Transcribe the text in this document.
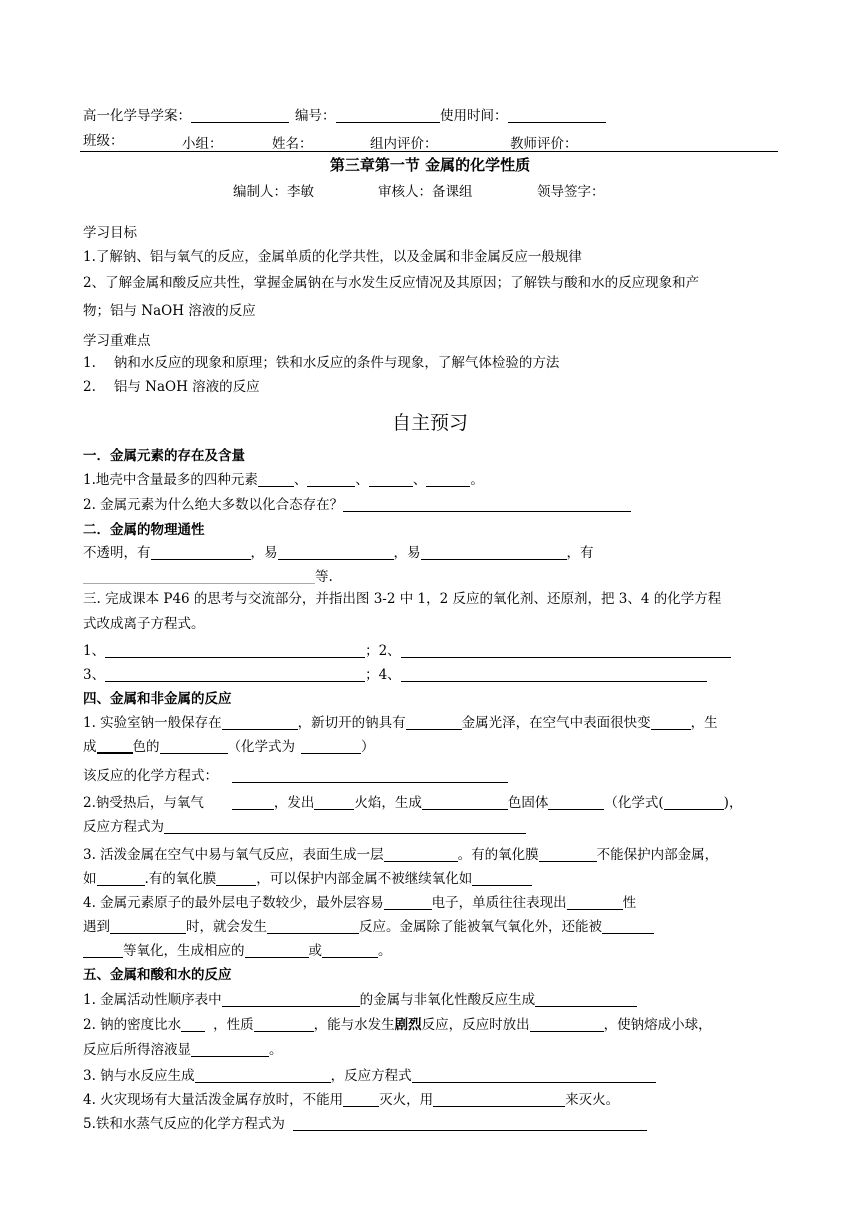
高一化学导学案：	编号：	使用时间：
班级：	小组：	姓名：	组内评价：	教师评价：
第三章第一节 金属的化学性质
编制人：李敏	审核人：备课组	领导签字：
学习目标
1.了解钠、铝与氧气的反应，金属单质的化学共性，以及金属和非金属反应一般规律
2、了解金属和酸反应共性，掌握金属钠在与水发生反应情况及其原因；了解铁与酸和水的反应现象和产
物；铝与 NaOH 溶液的反应
学习重难点
1. 钠和水反应的现象和原理；铁和水反应的条件与现象，了解气体检验的方法
2. 铝与 NaOH 溶液的反应
自主预习
一．金属元素的存在及含量
1.地壳中含量最多的四种元素	、	、	、	。
2. 金属元素为什么绝大多数以化合态存在？
二．金属的物理通性
不透明，有	，易	，易	，有
等.
三. 完成课本 P46 的思考与交流部分，并指出图 3-2 中 1，2 反应的氧化剂、还原剂，把 3、4 的化学方程
式改成离子方程式。
1、	；2、
3、	；4、
四、金属和非金属的反应
1. 实验室钠一般保存在	，新切开的钠具有	金属光泽，在空气中表面很快变	，生
成	色的	（化学式为	）
该反应的化学方程式：
2.钠受热后，与氧气	，发出	火焰，生成	色固体	（化学式(	)，
反应方程式为
3. 活泼金属在空气中易与氧气反应，表面生成一层	。有的氧化膜	不能保护内部金属，
如	.有的氧化膜	，可以保护内部金属不被继续氧化如
4. 金属元素原子的最外层电子数较少，最外层容易	电子，单质往往表现出	性
遇到	时，就会发生	反应。金属除了能被氧气氧化外，还能被
等氧化，生成相应的	或	。
五、金属和酸和水的反应
1. 金属活动性顺序表中	的金属与非氧化性酸反应生成
2. 钠的密度比水 ，性质	，能与水发生剧烈反应，反应时放出	，使钠熔成小球，
反应后所得溶液显	。
3. 钠与水反应生成	，反应方程式
4. 火灾现场有大量活泼金属存放时，不能用	灭火，用	来灭火。
5.铁和水蒸气反应的化学方程式为
